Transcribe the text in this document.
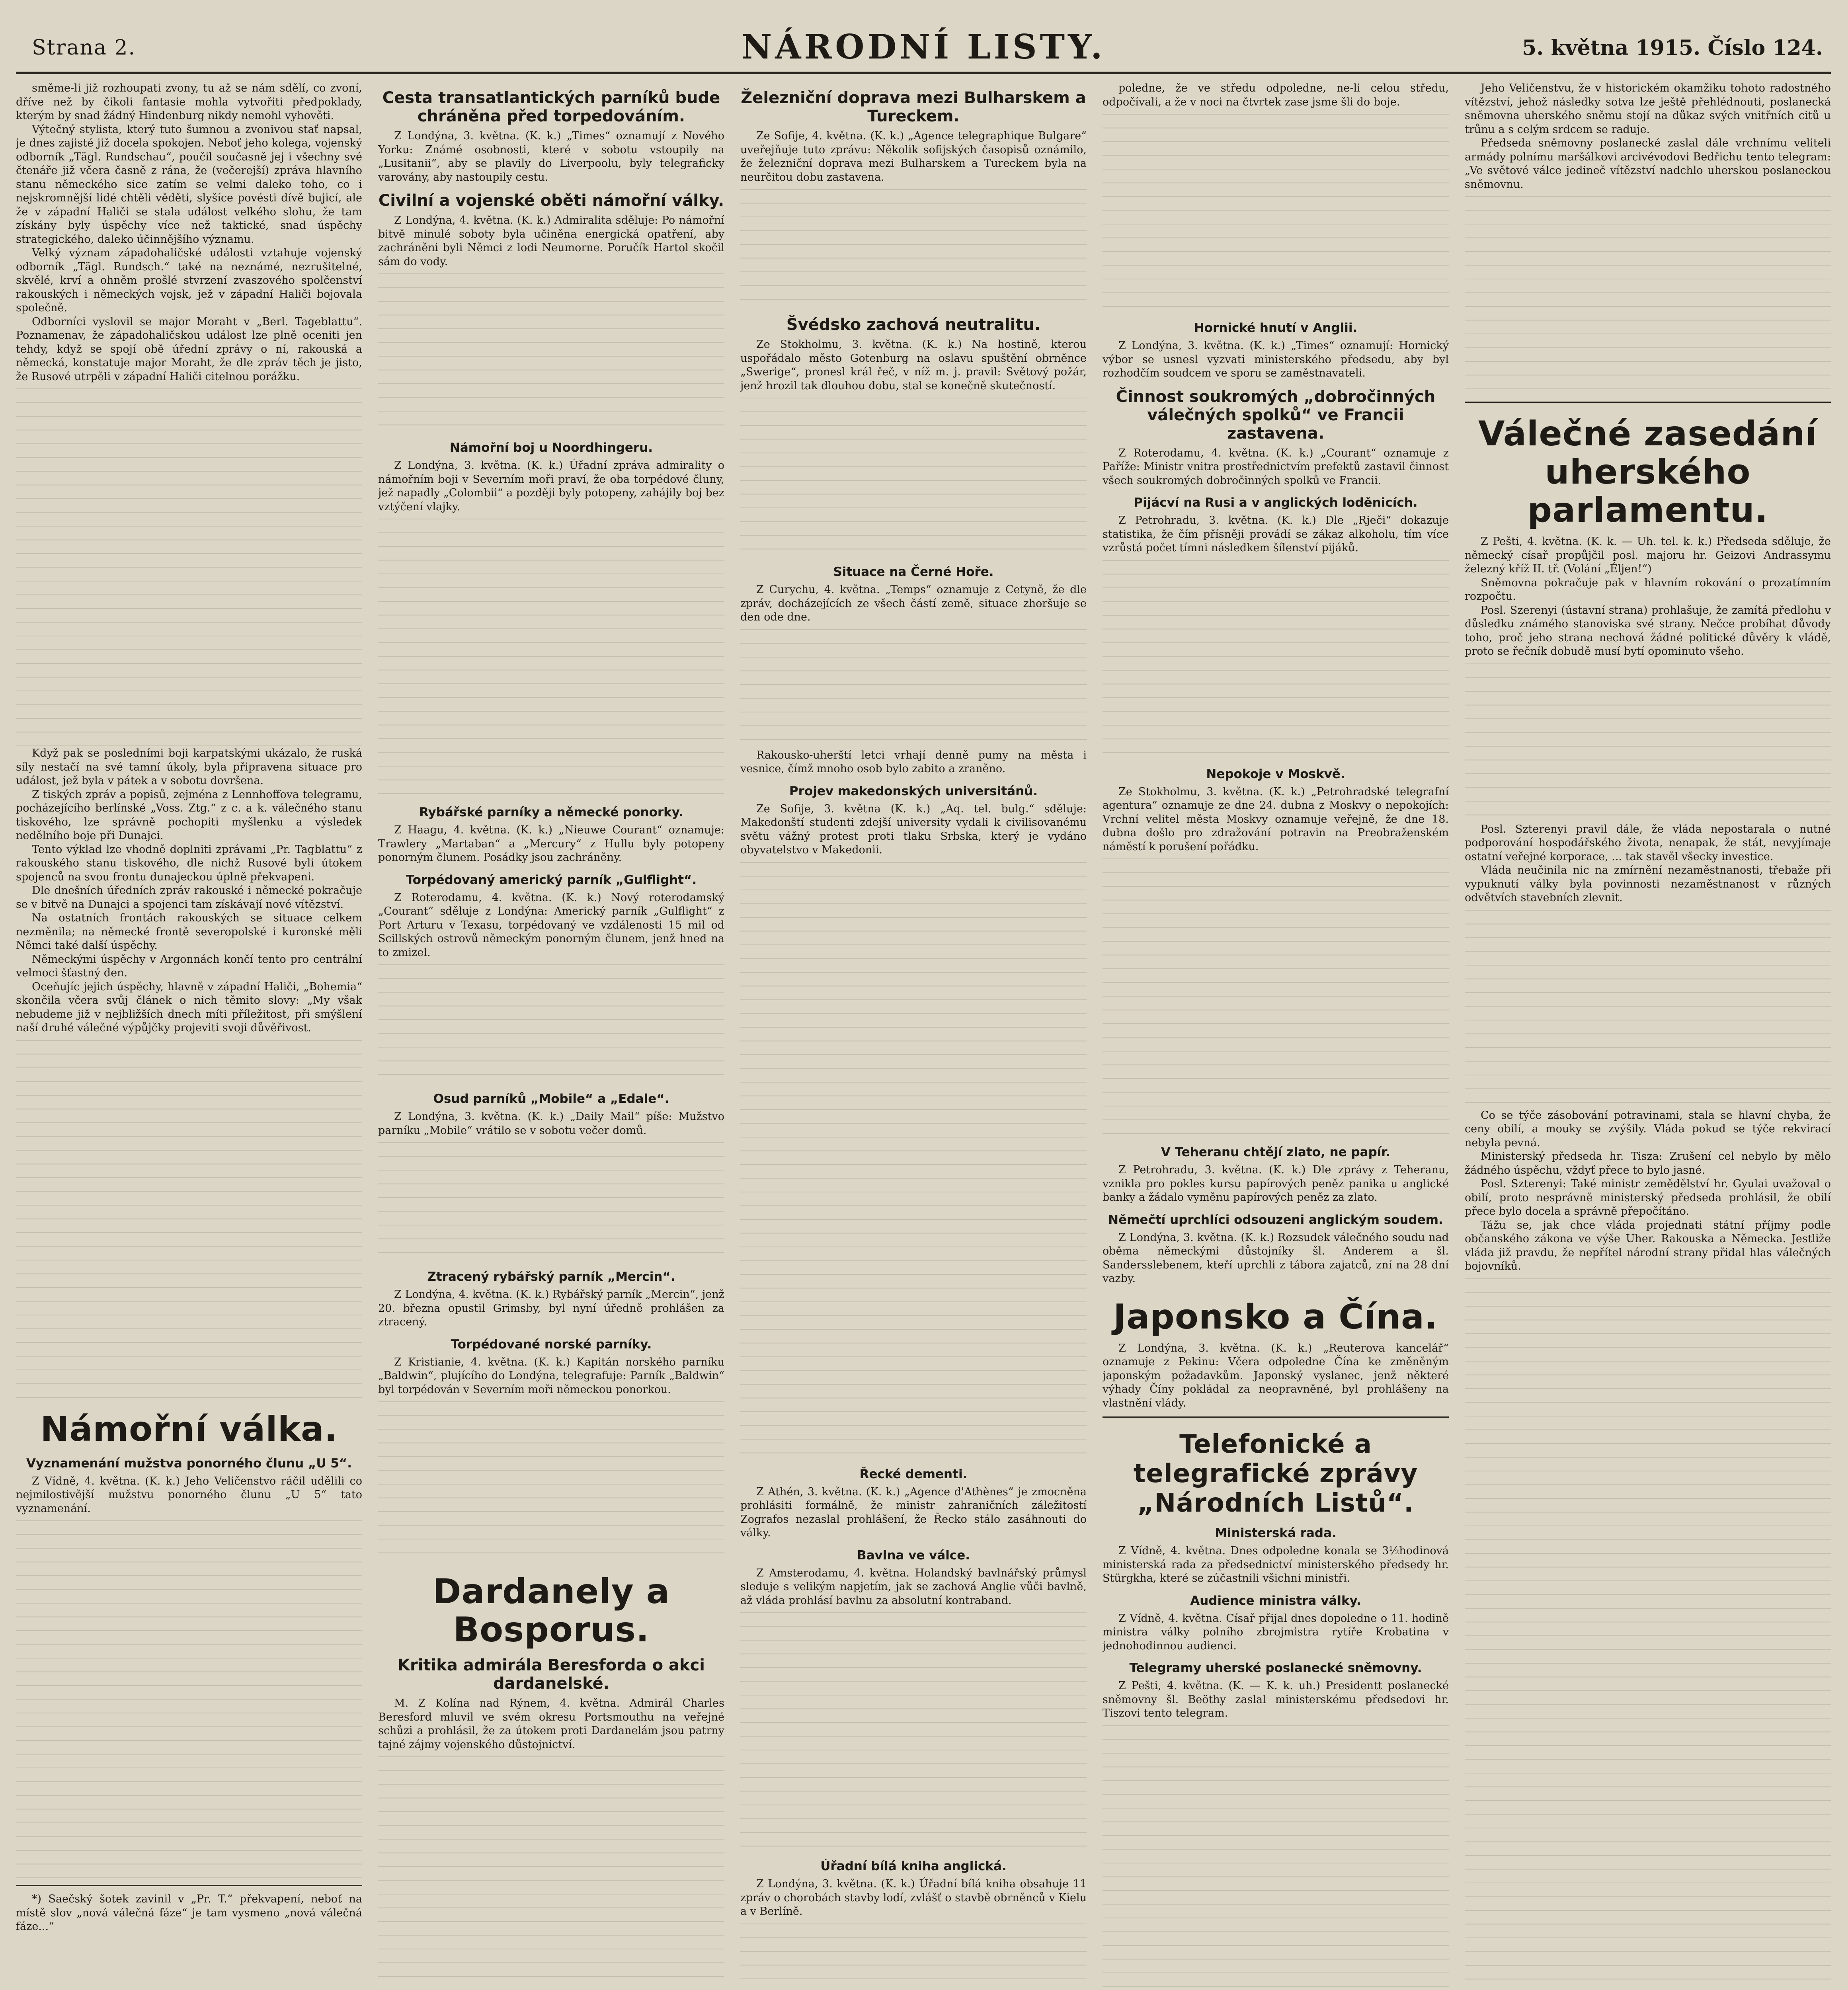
Strana 2.	NÁRODNÍ LISTY.	5. května 1915. Číslo 124.

směme-li již rozhoupati zvony, tu až se nám sdělí, co zvoní, dříve než by čikoli fantasie mohla vytvořiti předpoklady, kterým by snad žádný Hindenburg nikdy nemohl vyhověti.

Výtečný stylista, který tuto šumnou a zvonivou stať napsal, je dnes zajisté již docela spokojen. Neboť jeho kolega, vojenský odborník „Tägl. Rundschau“, poučil současně jej i všechny své čtenáře již včera časně z rána, že (večerejší) zpráva hlavního stanu německého sice zatím se velmi daleko toho, co i nejskromnější lidé chtěli věděti, slyšíce povésti dívě bujicí, ale že v západní Haliči se stala událost velkého slohu, že tam získány byly úspěchy více než taktické, snad úspěchy strategického, daleko účinnějšího významu.

Velký význam západohaličské události vztahuje vojenský odborník „Tägl. Rundsch.“ také na neznámé, nezrušitelné, skvělé, krví a ohněm prošlé stvrzení zvaszového spolčenství rakouských i německých vojsk, jež v západní Haliči bojovala společně.

Odborníci vyslovil se major Moraht v „Berl. Tageblattu“. Poznamenav, že západohaličskou událost lze plně oceniti jen tehdy, když se spojí obě úřední zprávy o ní, rakouská a německá, konstatuje major Moraht, že dle zpráv těch je jisto, že Rusové utrpěli v západní Haliči citelnou porážku.

Když pak se posledními boji karpatskými ukázalo, že ruská síly nestačí na své tamní úkoly, byla připravena situace pro událost, jež byla v pátek a v sobotu dovršena.

Z tiských zpráv a popisů, zejména z Lennhoffova telegramu, pocházejícího berlínské „Voss. Ztg.“ z c. a k. válečného stanu tiskového, lze správně pochopiti myšlenku a výsledek nedělního boje při Dunajci.

Tento výklad lze vhodně doplniti zprávami „Pr. Tagblattu“ z rakouského stanu tiskového, dle nichž Rusové byli útokem spojenců na svou frontu dunajeckou úplně překvapeni.

Dle dnešních úředních zpráv rakouské i německé pokračuje se v bitvě na Dunajci a spojenci tam získávají nové vítězství.

Na ostatních frontách rakouských se situace celkem nezměnila; na německé frontě severopolské i kuronské měli Němci také další úspěchy.

Německými úspěchy v Argonnách končí tento pro centrální velmoci šťastný den.

Oceňujíc jejich úspěchy, hlavně v západní Haliči, „Bohemia“ skončila včera svůj článek o nich těmito slovy: „My však nebudeme již v nejbližších dnech míti příležitost, při smýšlení naší druhé válečné výpůjčky projeviti svoji důvěřivost.

Námořní válka.
Vyznamenání mužstva ponorného člunu „U 5“.

Z Vídně, 4. května. (K. k.) Jeho Veličenstvo ráčil udělili co nejmilostivější mužstvu ponorného člunu „U 5“ tato vyznamenání.

*) Saečský šotek zavinil v „Pr. T.“ překvapení, neboť na místě slov „nová válečná fáze“ je tam vysmeno „nová válečná fáze...“

Cesta transatlantických parníků bude chráněna před torpedováním.

Z Londýna, 3. května. (K. k.) „Times“ oznamují z Nového Yorku: Známé osobnosti, které v sobotu vstoupily na „Lusitanii“, aby se plavily do Liverpoolu, byly telegraficky varovány, aby nastoupily cestu.

Civilní a vojenské oběti námořní války.

Z Londýna, 4. května. (K. k.) Admiralita sděluje: Po námořní bitvě minulé soboty byla učiněna energická opatření, aby zachráněni byli Němci z lodi Neumorne. Poručík Hartol skočil sám do vody.

Námořní boj u Noordhingeru.

Z Londýna, 3. května. (K. k.) Úřadní zpráva admirality o námořním boji v Severním moři praví, že oba torpédové čluny, jež napadly „Colombii“ a později byly potopeny, zahájily boj bez vztýčení vlajky.

Rybářské parníky a německé ponorky.

Z Haagu, 4. května. (K. k.) „Nieuwe Courant“ oznamuje: Trawlery „Martaban“ a „Mercury“ z Hullu byly potopeny ponorným člunem. Posádky jsou zachráněny.

Torpédovaný americký parník „Gulflight“.

Z Roterodamu, 4. května. (K. k.) Nový roterodamský „Courant“ sděluje z Londýna: Americký parník „Gulflight“ z Port Arturu v Texasu, torpédovaný ve vzdálenosti 15 mil od Scillských ostrovů německým ponorným člunem, jenž hned na to zmizel.

Osud parníků „Mobile“ a „Edale“.

Z Londýna, 3. května. (K. k.) „Daily Mail“ píše: Mužstvo parníku „Mobile“ vrátilo se v sobotu večer domů.

Ztracený rybářský parník „Mercin“.

Z Londýna, 4. května. (K. k.) Rybářský parník „Mercin“, jenž 20. března opustil Grimsby, byl nyní úředně prohlášen za ztracený.

Torpédované norské parníky.

Z Kristianie, 4. května. (K. k.) Kapitán norského parníku „Baldwin“, plujícího do Londýna, telegrafuje: Parník „Baldwin“ byl torpédován v Severním moři německou ponorkou.

Dardanely a Bosporus.
Kritika admirála Beresforda o akci dardanelské.

M. Z Kolína nad Rýnem, 4. května. Admirál Charles Beresford mluvil ve svém okresu Portsmouthu na veřejné schůzi a prohlásil, že za útokem proti Dardanelám jsou patrny tajné zájmy vojenského důstojnictví.

Železniční doprava mezi Bulharskem a Tureckem.

Ze Sofije, 4. května. (K. k.) „Agence telegraphique Bulgare“ uveřejňuje tuto zprávu: Několik sofijských časopisů oznámilo, že železniční doprava mezi Bulharskem a Tureckem byla na neurčitou dobu zastavena.

Švédsko zachová neutralitu.

Ze Stokholmu, 3. května. (K. k.) Na hostině, kterou uspořádalo město Gotenburg na oslavu spuštění obrněnce „Swerige“, pronesl král řeč, v níž m. j. pravil: Světový požár, jenž hrozil tak dlouhou dobu, stal se konečně skutečností.

Situace na Černé Hoře.

Z Curychu, 4. května. „Temps“ oznamuje z Cetyně, že dle zpráv, docházejících ze všech částí země, situace zhoršuje se den ode dne.

Rakousko-uherští letci vrhají denně pumy na města i vesnice, čímž mnoho osob bylo zabito a zraněno.

Projev makedonských universitánů.

Ze Sofije, 3. května (K. k.) „Aq. tel. bulg.“ sděluje: Makedonští studenti zdejší university vydali k civilisovanému světu vážný protest proti tlaku Srbska, který je vydáno obyvatelstvo v Makedonii.

Řecké dementi.

Z Athén, 3. května. (K. k.) „Agence d'Athènes“ je zmocněna prohlásiti formálně, že ministr zahraničních záležitostí Zografos nezaslal prohlášení, že Řecko stálo zasáhnouti do války.

Bavlna ve válce.

Z Amsterodamu, 4. května. Holandský bavlnářský průmysl sleduje s velikým napjetím, jak se zachová Anglie vůči bavlně, až vláda prohlásí bavlnu za absolutní kontraband.

Úřadní bílá kniha anglická.

Z Londýna, 3. května. (K. k.) Úřadní bílá kniha obsahuje 11 zpráv o chorobách stavby lodí, zvlášť o stavbě obrněnců v Kielu a v Berlíně.

poledne, že ve středu odpoledne, ne-li celou středu, odpočívali, a že v noci na čtvrtek zase jsme šli do boje.

Hornické hnutí v Anglii.

Z Londýna, 3. května. (K. k.) „Times“ oznamují: Hornický výbor se usnesl vyzvati ministerského předsedu, aby byl rozhodčím soudcem ve sporu se zaměstnavateli.

Činnost soukromých „dobročinných válečných spolků“ ve Francii zastavena.

Z Roterodamu, 4. května. (K. k.) „Courant“ oznamuje z Paříže: Ministr vnitra prostřednictvím prefektů zastavil činnost všech soukromých dobročinných spolků ve Francii.

Pijácví na Rusi a v anglických loděnicích.

Z Petrohradu, 3. května. (K. k.) Dle „Rječi“ dokazuje statistika, že čím přísněji provádí se zákaz alkoholu, tím více vzrůstá počet tímni následkem šílenství pijáků.

Nepokoje v Moskvě.

Ze Stokholmu, 3. května. (K. k.) „Petrohradské telegrafní agentura“ oznamuje ze dne 24. dubna z Moskvy o nepokojích: Vrchní velitel města Moskvy oznamuje veřejně, že dne 18. dubna došlo pro zdražování potravin na Preobraženském náměstí k porušení pořádku.

V Teheranu chtějí zlato, ne papír.

Z Petrohradu, 3. května. (K. k.) Dle zprávy z Teheranu, vznikla pro pokles kursu papírových peněz panika u anglické banky a žádalo vyměnu papírových peněz za zlato.

Němečtí uprchlíci odsouzeni anglickým soudem.

Z Londýna, 3. května. (K. k.) Rozsudek válečného soudu nad oběma německými důstojníky šl. Anderem a šl. Sandersslebenem, kteří uprchli z tábora zajatců, zní na 28 dní vazby.

Japonsko a Čína.

Z Londýna, 3. května. (K. k.) „Reuterova kancelář“ oznamuje z Pekinu: Včera odpoledne Čína ke změněným japonským požadavkům. Japonský vyslanec, jenž některé výhady Číny pokládal za neopravněné, byl prohlášeny na vlastnění vlády.

Telefonické a telegrafické zprávy „Národních Listů“.
Ministerská rada.

Z Vídně, 4. května. Dnes odpoledne konala se 3½hodinová ministerská rada za předsednictví ministerského předsedy hr. Stürgkha, které se zúčastnili všichni ministři.

Audience ministra války.

Z Vídně, 4. května. Císař přijal dnes dopoledne o 11. hodině ministra války polního zbrojmistra rytíře Krobatina v jednohodinnou audienci.

Telegramy uherské poslanecké sněmovny.

Z Pešti, 4. května. (K. — K. k. uh.) Presidentt poslanecké sněmovny šl. Beöthy zaslal ministerskému předsedovi hr. Tiszovi tento telegram.

Jeho Veličenstvu, že v historickém okamžiku tohoto radostného vítězství, jehož následky sotva lze ještě přehlédnouti, poslanecká sněmovna uherského sněmu stojí na důkaz svých vnitřních citů u trůnu a s celým srdcem se raduje.

Předseda sněmovny poslanecké zaslal dále vrchnímu veliteli armády polnímu maršálkovi arcivévodovi Bedřichu tento telegram: „Ve světové válce jedineč vítězství nadchlo uherskou poslaneckou sněmovnu.

Válečné zasedání uherského parlamentu.

Z Pešti, 4. května. (K. k. — Uh. tel. k. k.) Předseda sděluje, že německý císař propůjčil posl. majoru hr. Geizovi Andrassymu železný kříž II. tř. (Volání „Éljen!“)

Sněmovna pokračuje pak v hlavním rokování o prozatímním rozpočtu.

Posl. Szerenyi (ústavní strana) prohlašuje, že zamítá předlohu v důsledku známého stanoviska své strany. Nečce probíhat důvody toho, proč jeho strana nechová žádné politické důvěry k vládě, proto se řečník dobudě musí bytí opominuto všeho.

Posl. Szterenyi pravil dále, že vláda nepostarala o nutné podporování hospodářského života, nenapak, že stát, nevyjímaje ostatní veřejné korporace, ... tak stavěl všecky investice.

Vláda neučinila nic na zmírnění nezaměstnanosti, třebaže při vypuknutí války byla povinnosti nezaměstnanost v různých odvětvích stavebních zlevnit.

Co se týče zásobování potravinami, stala se hlavní chyba, že ceny obilí, a mouky se zvýšily. Vláda pokud se týče rekvirací nebyla pevná.

Ministerský předseda hr. Tisza: Zrušení cel nebylo by mělo žádného úspěchu, vždyť přece to bylo jasné.

Posl. Szterenyi: Také ministr zemědělství hr. Gyulai uvažoval o obilí, proto nesprávně ministerský předseda prohlásil, že obilí přece bylo docela a správně přepočítáno.

Tážu se, jak chce vláda projednati státní příjmy podle občanského zákona ve výše Uher. Rakouska a Německa. Jestliže vláda již pravdu, že nepřítel národní strany přidal hlas válečných bojovníků.
